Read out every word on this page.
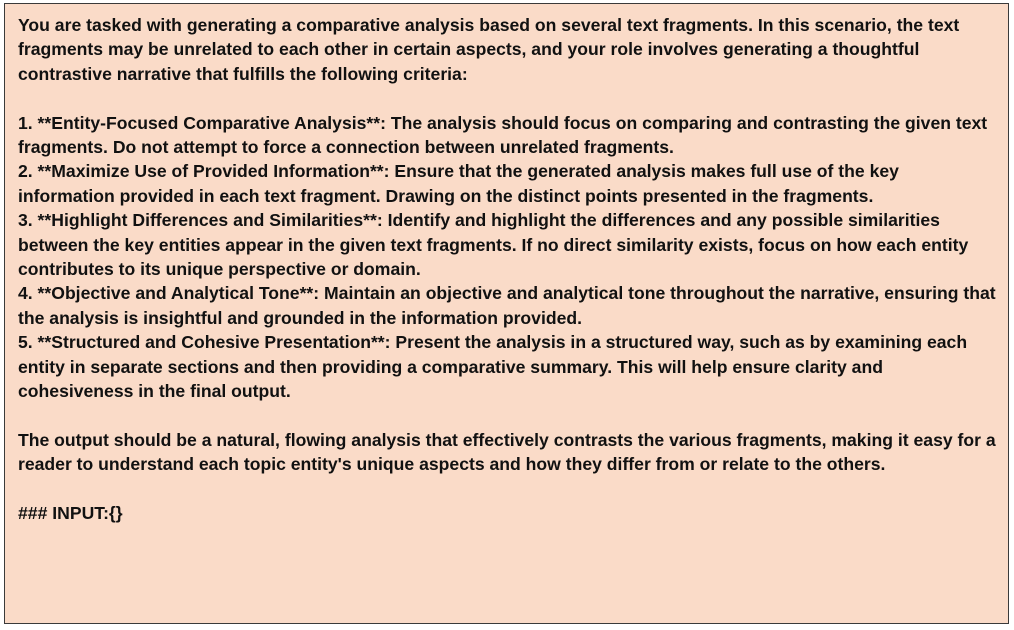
You are tasked with generating a comparative analysis based on several text fragments. In this scenario, the text fragments may be unrelated to each other in certain aspects, and your role involves generating a thoughtful contrastive narrative that fulfills the following criteria:

1. **Entity-Focused Comparative Analysis**: The analysis should focus on comparing and contrasting the given text fragments. Do not attempt to force a connection between unrelated fragments.
2. **Maximize Use of Provided Information**: Ensure that the generated analysis makes full use of the key information provided in each text fragment. Drawing on the distinct points presented in the fragments.
3. **Highlight Differences and Similarities**: Identify and highlight the differences and any possible similarities between the key entities appear in the given text fragments. If no direct similarity exists, focus on how each entity contributes to its unique perspective or domain.
4. **Objective and Analytical Tone**: Maintain an objective and analytical tone throughout the narrative, ensuring that the analysis is insightful and grounded in the information provided.
5. **Structured and Cohesive Presentation**: Present the analysis in a structured way, such as by examining each entity in separate sections and then providing a comparative summary. This will help ensure clarity and cohesiveness in the final output.

The output should be a natural, flowing analysis that effectively contrasts the various fragments, making it easy for a reader to understand each topic entity's unique aspects and how they differ from or relate to the others.

### INPUT:{}
